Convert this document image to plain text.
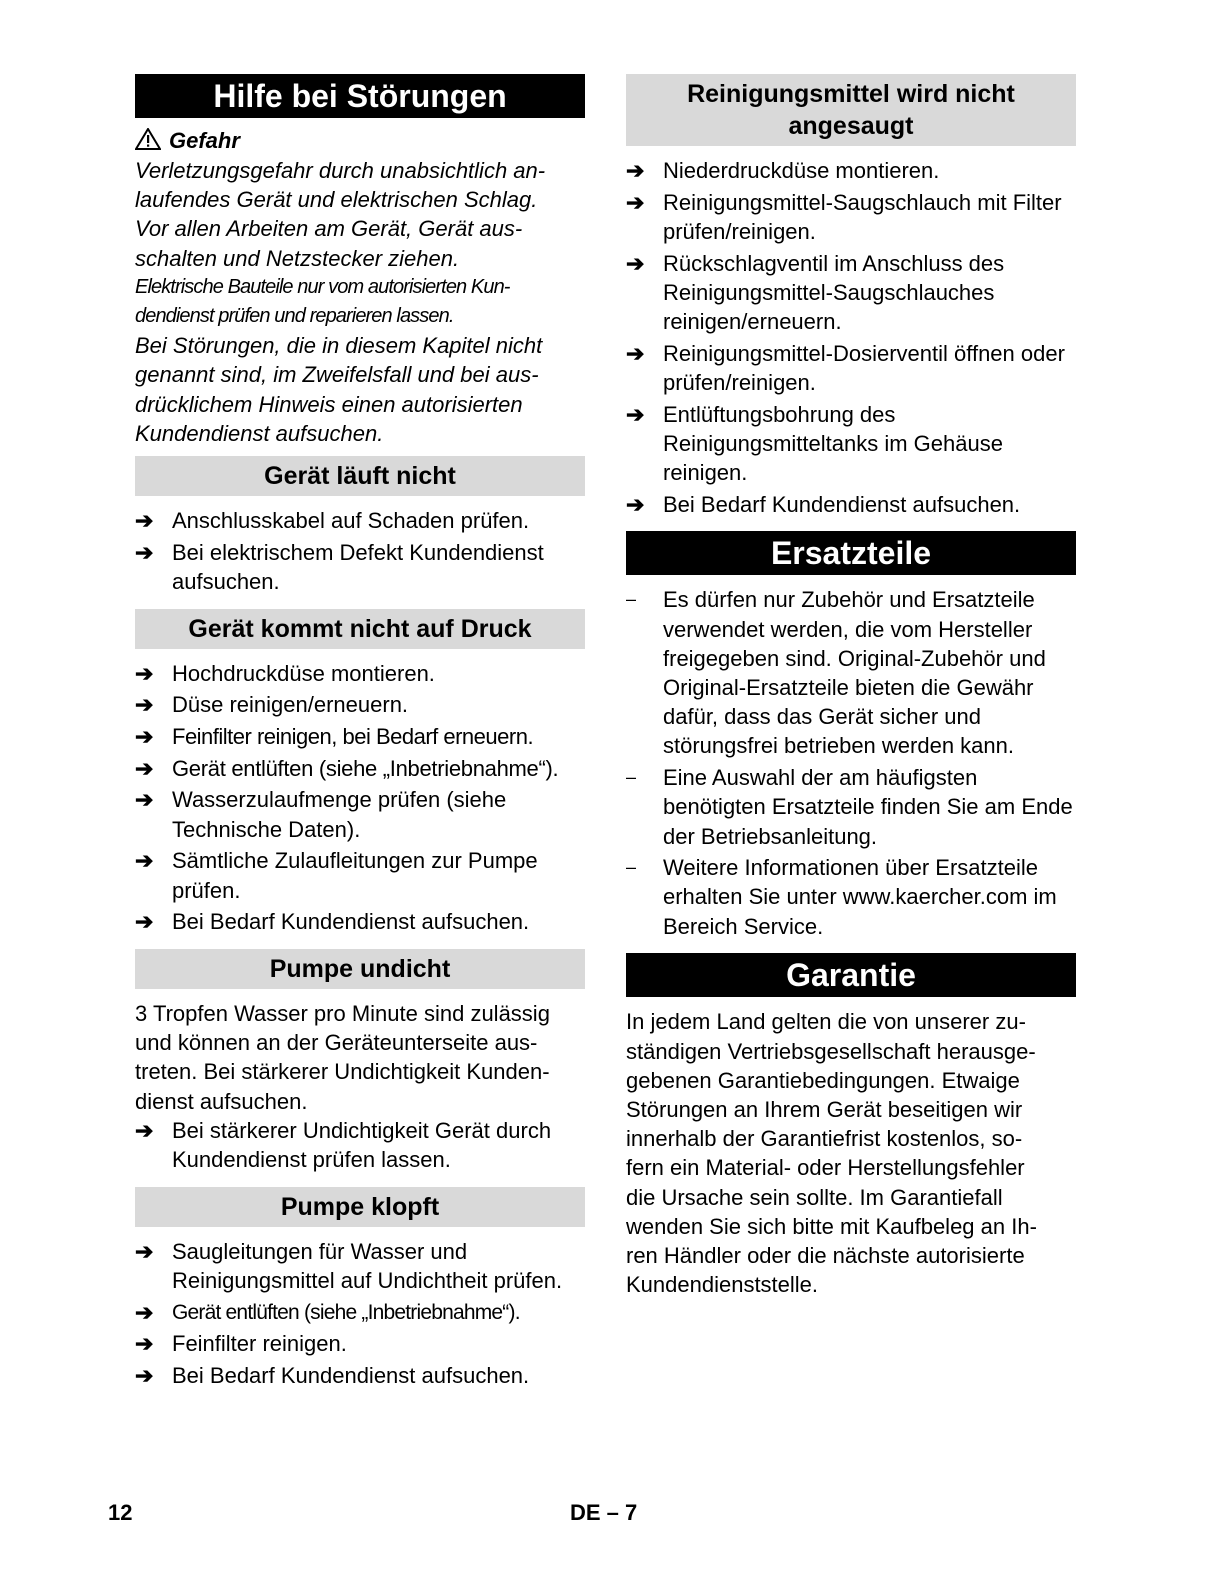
Hilfe bei Störungen
Gefahr
Verletzungsgefahr durch unabsichtlich an-
laufendes Gerät und elektrischen Schlag.
Vor allen Arbeiten am Gerät, Gerät aus-
schalten und Netzstecker ziehen.
Elektrische Bauteile nur vom autorisierten Kun-
dendienst prüfen und reparieren lassen.
Bei Störungen, die in diesem Kapitel nicht
genannt sind, im Zweifelsfall und bei aus-
drücklichem Hinweis einen autorisierten
Kundendienst aufsuchen.
Gerät läuft nicht
➔ Anschlusskabel auf Schaden prüfen.
➔ Bei elektrischem Defekt Kundendienst aufsuchen.
Gerät kommt nicht auf Druck
➔ Hochdruckdüse montieren.
➔ Düse reinigen/erneuern.
➔ Feinfilter reinigen, bei Bedarf erneuern.
➔ Gerät entlüften (siehe „Inbetriebnahme“).
➔ Wasserzulaufmenge prüfen (siehe Technische Daten).
➔ Sämtliche Zulaufleitungen zur Pumpe prüfen.
➔ Bei Bedarf Kundendienst aufsuchen.
Pumpe undicht
3 Tropfen Wasser pro Minute sind zulässig
und können an der Geräteunterseite aus-
treten. Bei stärkerer Undichtigkeit Kunden-
dienst aufsuchen.
➔ Bei stärkerer Undichtigkeit Gerät durch Kundendienst prüfen lassen.
Pumpe klopft
➔ Saugleitungen für Wasser und Reinigungsmittel auf Undichtheit prüfen.
➔ Gerät entlüften (siehe „Inbetriebnahme“).
➔ Feinfilter reinigen.
➔ Bei Bedarf Kundendienst aufsuchen.
Reinigungsmittel wird nicht
angesaugt
➔ Niederdruckdüse montieren.
➔ Reinigungsmittel-Saugschlauch mit Filter prüfen/reinigen.
➔ Rückschlagventil im Anschluss des Reinigungsmittel-Saugschlauches reinigen/erneuern.
➔ Reinigungsmittel-Dosierventil öffnen oder prüfen/reinigen.
➔ Entlüftungsbohrung des Reinigungsmitteltanks im Gehäuse reinigen.
➔ Bei Bedarf Kundendienst aufsuchen.
Ersatzteile
– Es dürfen nur Zubehör und Ersatzteile verwendet werden, die vom Hersteller freigegeben sind. Original-Zubehör und Original-Ersatzteile bieten die Gewähr dafür, dass das Gerät sicher und störungsfrei betrieben werden kann.
– Eine Auswahl der am häufigsten benötigten Ersatzteile finden Sie am Ende der Betriebsanleitung.
– Weitere Informationen über Ersatzteile erhalten Sie unter www.kaercher.com im Bereich Service.
Garantie
In jedem Land gelten die von unserer zu-
ständigen Vertriebsgesellschaft herausge-
gebenen Garantiebedingungen. Etwaige
Störungen an Ihrem Gerät beseitigen wir
innerhalb der Garantiefrist kostenlos, so-
fern ein Material- oder Herstellungsfehler
die Ursache sein sollte. Im Garantiefall
wenden Sie sich bitte mit Kaufbeleg an Ih-
ren Händler oder die nächste autorisierte
Kundendienststelle.
12	DE – 7
